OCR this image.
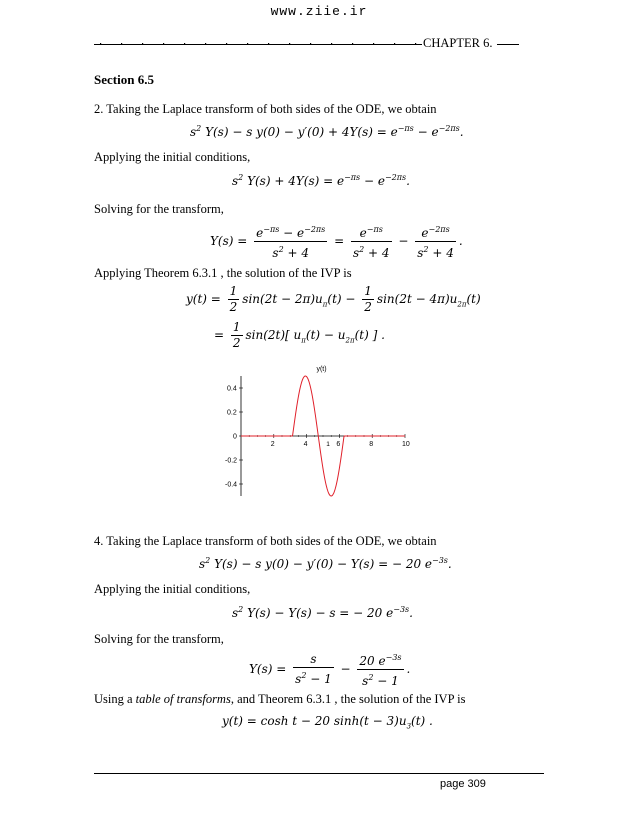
www.ziie.ir
CHAPTER 6.
Section 6.5
2. Taking the Laplace transform of both sides of the ODE, we obtain
$s^2$ Y(s) − s $y(0) - y'(0) + 4Y(s) = e^{-\pi s} - e^{-2\pi s}$.
Applying the initial conditions,
$s^2$ $Y(s) + 4Y(s) = e^{-\pi s} - e^{-2\pi s}$.
Solving for the transform,
$Y(s) = \frac{e^{-\pi s} - e^{-2\pi s}}{s^2 + 4} = \frac{e^{-\pi s}}{s^2 + 4} - \frac{e^{-2\pi s}}{s^2 + 4}$ .
Applying Theorem 6.3.1 , the solution of the IVP is
$y(t) = \frac{1}{2} \sin(2t - 2\pi)u_\pi(t) - \frac{1}{2} \sin(2t - 4\pi)u_{2\pi}(t)$
= $\frac{1}{2} \sin(2t)$[ $u_\pi(t) - u_{2\pi}(t)$ ] .
y(t)
2	4	6	8	10
0.4
0.2
0
-0.2
-0.4
1
4. Taking the Laplace transform of both sides of the ODE, we obtain
$s^2$ Y(s) − s y(0) − y′(0) − Y(s) = − 20 $e^{-3s}$.
Applying the initial conditions,
$s^2$ Y(s) − Y(s) − s = − 20 $e^{-3s}$.
Solving for the transform,
$Y(s) = \frac{s}{s^2 - 1} - \frac{20 e^{-3s}}{s^2 - 1}$ .
Using a table of transforms, and Theorem 6.3.1 , the solution of the IVP is
y(t) = cosh t − 20 $\sinh(t - 3)u_3(t)$ .
page 309
